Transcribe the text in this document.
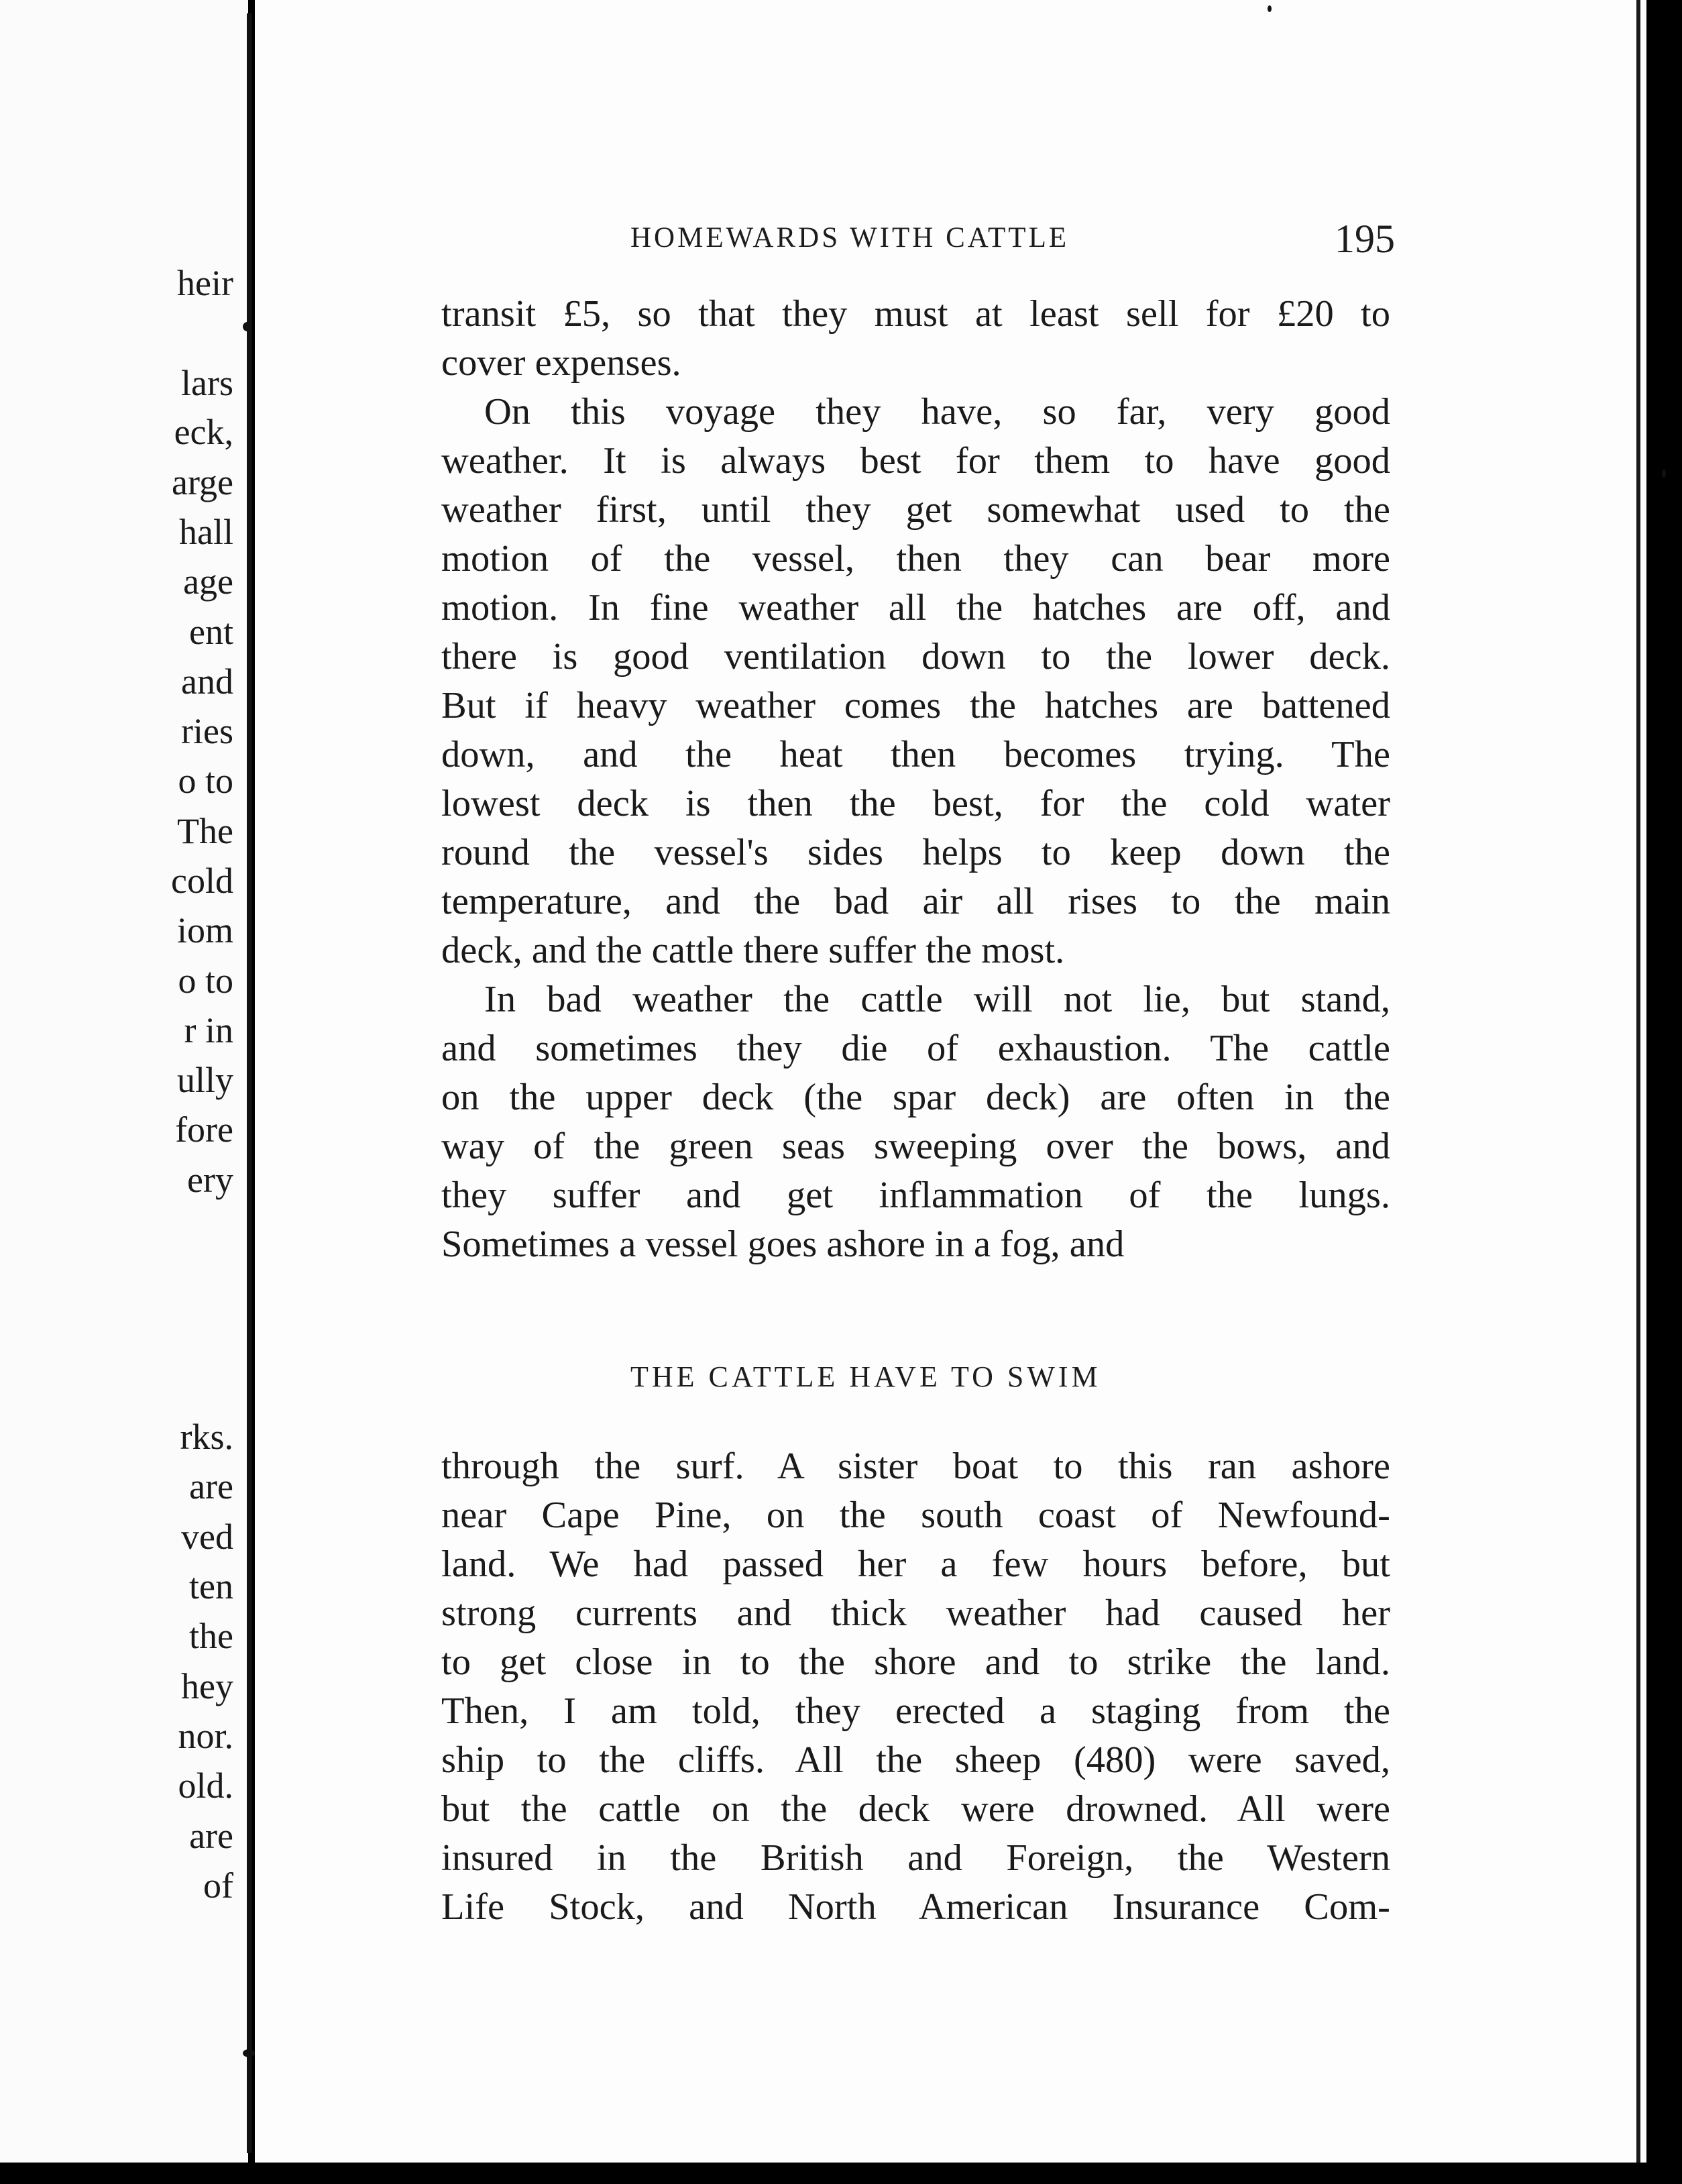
heir
lars
eck,
arge
hall
age
ent
and
ries
o to
The
cold
iom
o to
r in
ully
fore
ery
rks.
are
ved
ten
the
hey
nor.
old.
are
of
HOMEWARDS WITH CATTLE	195
transit £5, so that they must at least sell for £20 to
cover expenses.
On this voyage they have, so far, very good
weather. It is always best for them to have good
weather first, until they get somewhat used to the
motion of the vessel, then they can bear more
motion. In fine weather all the hatches are off, and
there is good ventilation down to the lower deck.
But if heavy weather comes the hatches are battened
down, and the heat then becomes trying. The
lowest deck is then the best, for the cold water
round the vessel's sides helps to keep down the
temperature, and the bad air all rises to the main
deck, and the cattle there suffer the most.
In bad weather the cattle will not lie, but stand,
and sometimes they die of exhaustion. The cattle
on the upper deck (the spar deck) are often in the
way of the green seas sweeping over the bows, and
they suffer and get inflammation of the lungs.
Sometimes a vessel goes ashore in a fog, and
THE CATTLE HAVE TO SWIM
through the surf. A sister boat to this ran ashore
near Cape Pine, on the south coast of Newfound-
land. We had passed her a few hours before, but
strong currents and thick weather had caused her
to get close in to the shore and to strike the land.
Then, I am told, they erected a staging from the
ship to the cliffs. All the sheep (480) were saved,
but the cattle on the deck were drowned. All were
insured in the British and Foreign, the Western
Life Stock, and North American Insurance Com-
